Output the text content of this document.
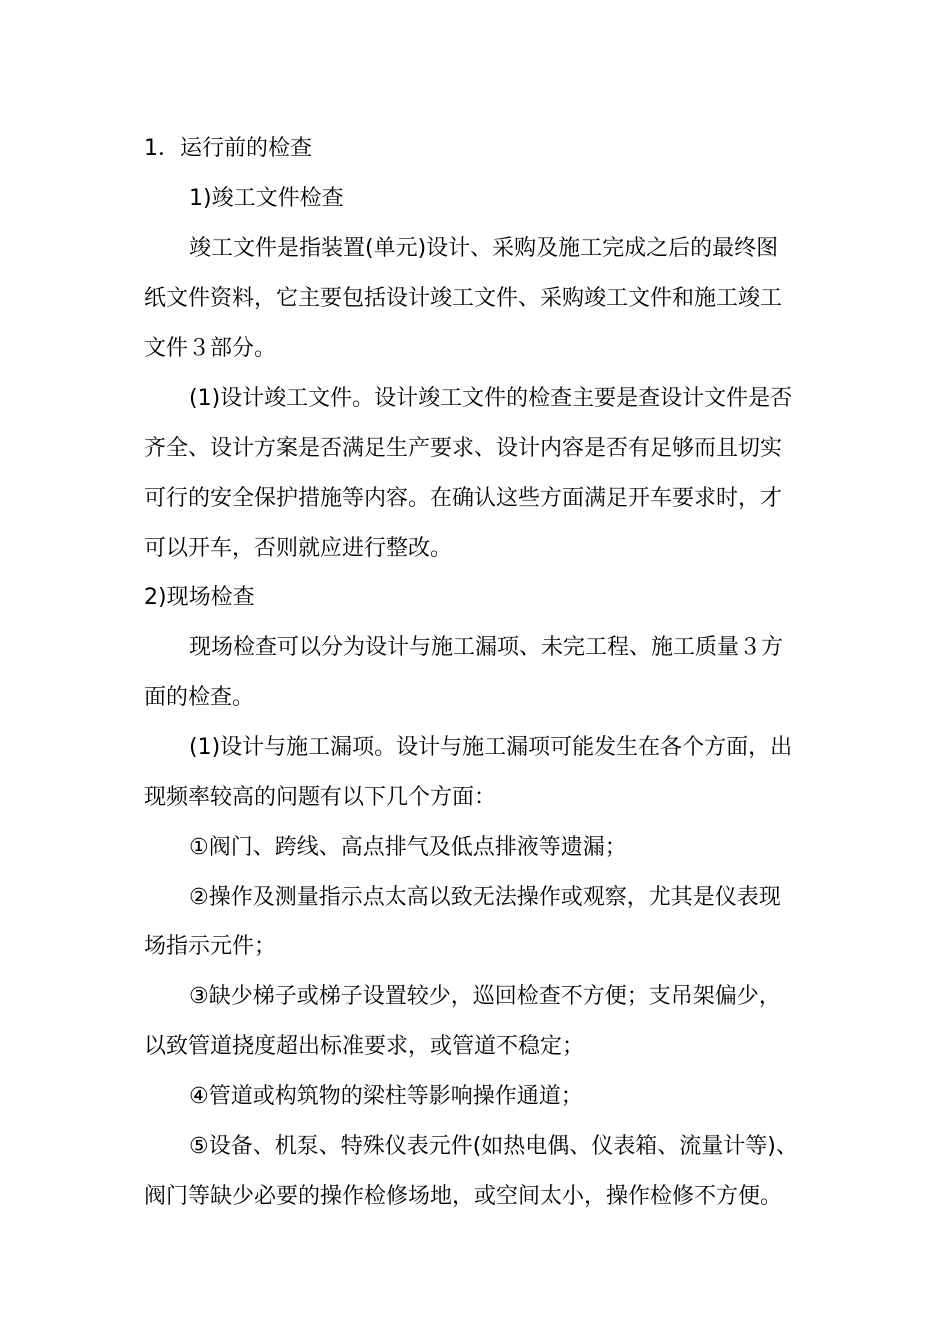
1．运行前的检查
1)竣工文件检查
竣工文件是指装置(单元)设计、采购及施工完成之后的最终图
纸文件资料，它主要包括设计竣工文件、采购竣工文件和施工竣工
文件３部分。
(1)设计竣工文件。设计竣工文件的检查主要是查设计文件是否
齐全、设计方案是否满足生产要求、设计内容是否有足够而且切实
可行的安全保护措施等内容。在确认这些方面满足开车要求时，才
可以开车，否则就应进行整改。
2)现场检查
现场检查可以分为设计与施工漏项、未完工程、施工质量３方
面的检查。
(1)设计与施工漏项。设计与施工漏项可能发生在各个方面，出
现频率较高的问题有以下几个方面：
①阀门、跨线、高点排气及低点排液等遗漏；
②操作及测量指示点太高以致无法操作或观察，尤其是仪表现
场指示元件；
③缺少梯子或梯子设置较少，巡回检查不方便；支吊架偏少，
以致管道挠度超出标准要求，或管道不稳定；
④管道或构筑物的梁柱等影响操作通道；
⑤设备、机泵、特殊仪表元件(如热电偶、仪表箱、流量计等)、
阀门等缺少必要的操作检修场地，或空间太小，操作检修不方便。
